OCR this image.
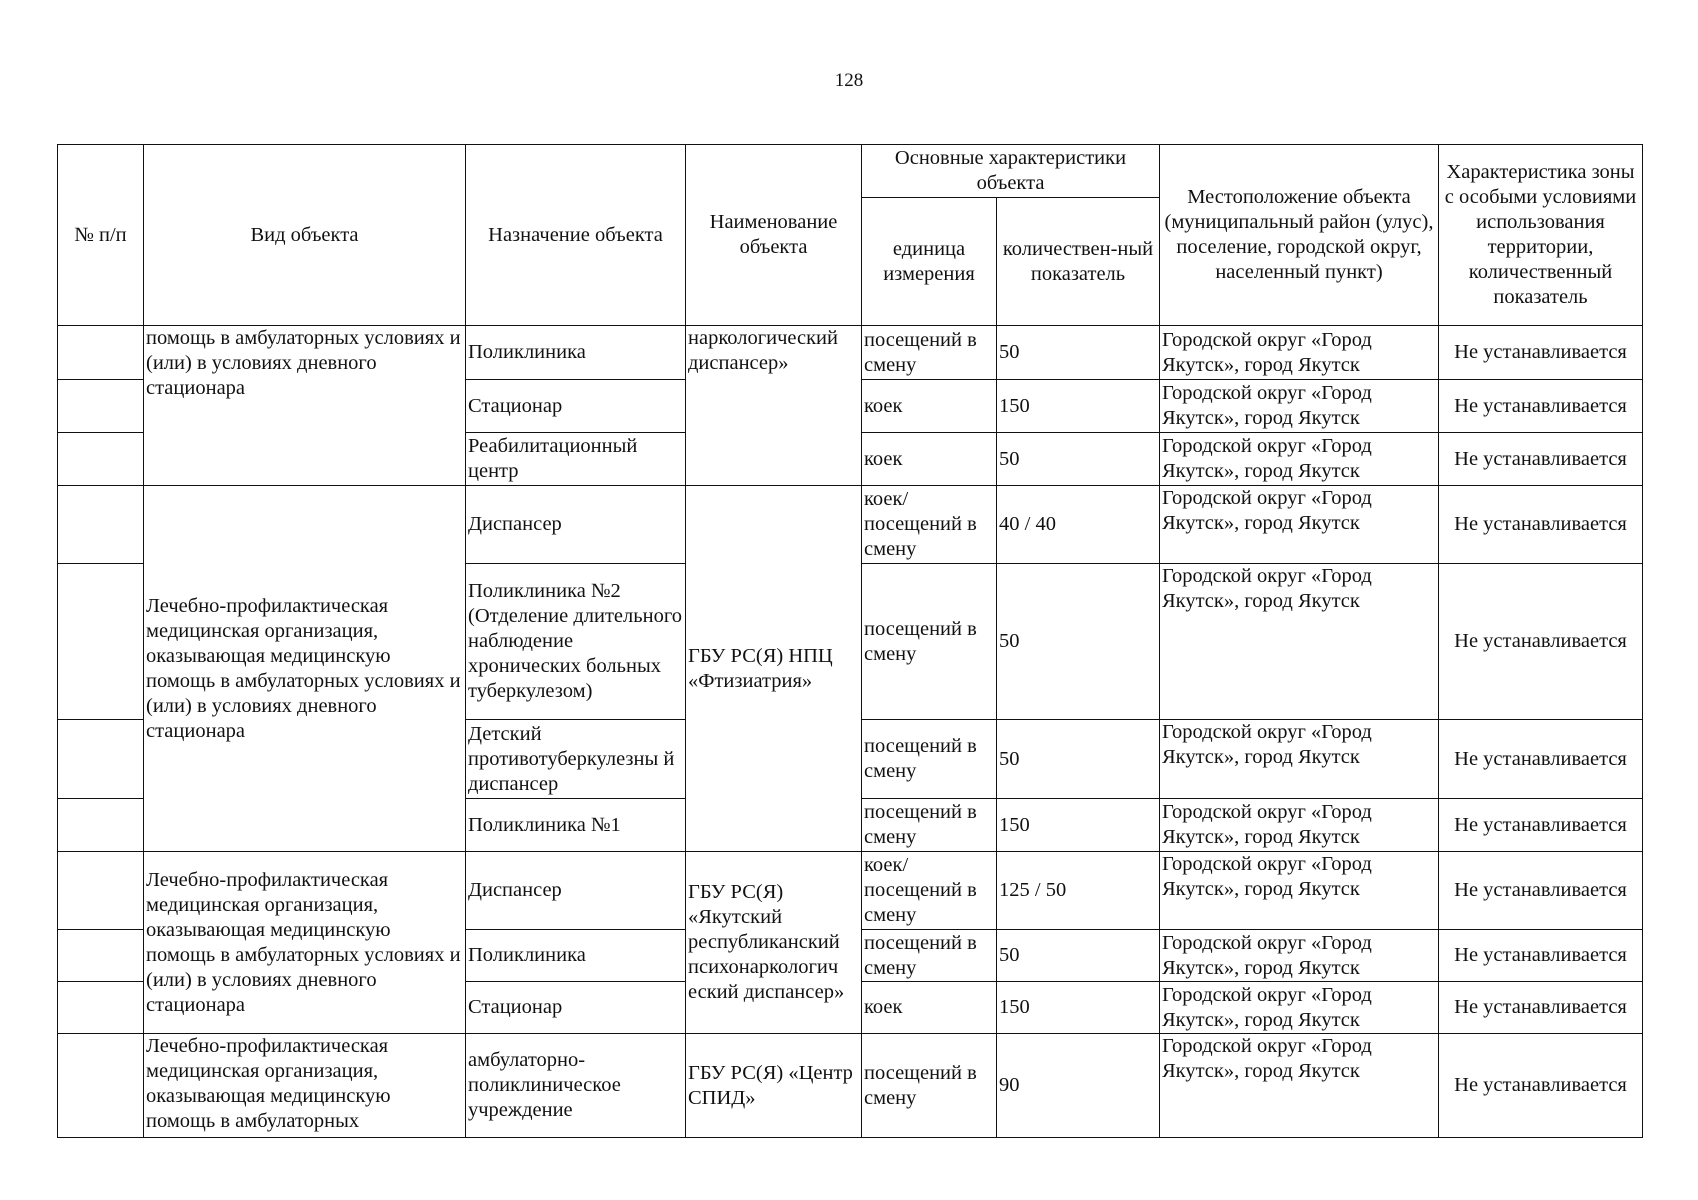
128
№ п/п	Вид объекта	Назначение объекта	Наименование объекта	Основные характеристики объекта		Местоположение объекта (муниципальный район (улус), поселение, городской округ, населенный пункт)	Характеристика зоны с особыми условиями использования территории, количественный показатель
				единица измерения	количествен-ный показатель		
	помощь в амбулаторных условиях и (или) в условиях дневного стационара	Поликлиника	наркологический диспансер»	посещений в смену	50	Городской округ «Город Якутск», город Якутск	Не устанавливается
		Стационар		коек	150	Городской округ «Город Якутск», город Якутск	Не устанавливается
		Реабилитационный центр		коек	50	Городской округ «Город Якутск», город Якутск	Не устанавливается
	Лечебно-профилактическая медицинская организация, оказывающая медицинскую помощь в амбулаторных условиях и (или) в условиях дневного стационара	Диспансер	ГБУ РС(Я) НПЦ «Фтизиатрия»	коек/ посещений в смену	40 / 40	Городской округ «Город Якутск», город Якутск	Не устанавливается
		Поликлиника №2 (Отделение длительного наблюдение хронических больных туберкулезом)		посещений в смену	50	Городской округ «Город Якутск», город Якутск	Не устанавливается
		Детский противотуберкулезны й диспансер		посещений в смену	50	Городской округ «Город Якутск», город Якутск	Не устанавливается
		Поликлиника №1		посещений в смену	150	Городской округ «Город Якутск», город Якутск	Не устанавливается
	Лечебно-профилактическая медицинская организация, оказывающая медицинскую помощь в амбулаторных условиях и (или) в условиях дневного стационара	Диспансер	ГБУ РС(Я) «Якутский республиканский психонаркологич еский диспансер»	коек/ посещений в смену	125 / 50	Городской округ «Город Якутск», город Якутск	Не устанавливается
		Поликлиника		посещений в смену	50	Городской округ «Город Якутск», город Якутск	Не устанавливается
		Стационар		коек	150	Городской округ «Город Якутск», город Якутск	Не устанавливается
	Лечебно-профилактическая медицинская организация, оказывающая медицинскую помощь в амбулаторных	амбулаторно-поликлиническое учреждение	ГБУ РС(Я) «Центр СПИД»	посещений в смену	90	Городской округ «Город Якутск», город Якутск	Не устанавливается
